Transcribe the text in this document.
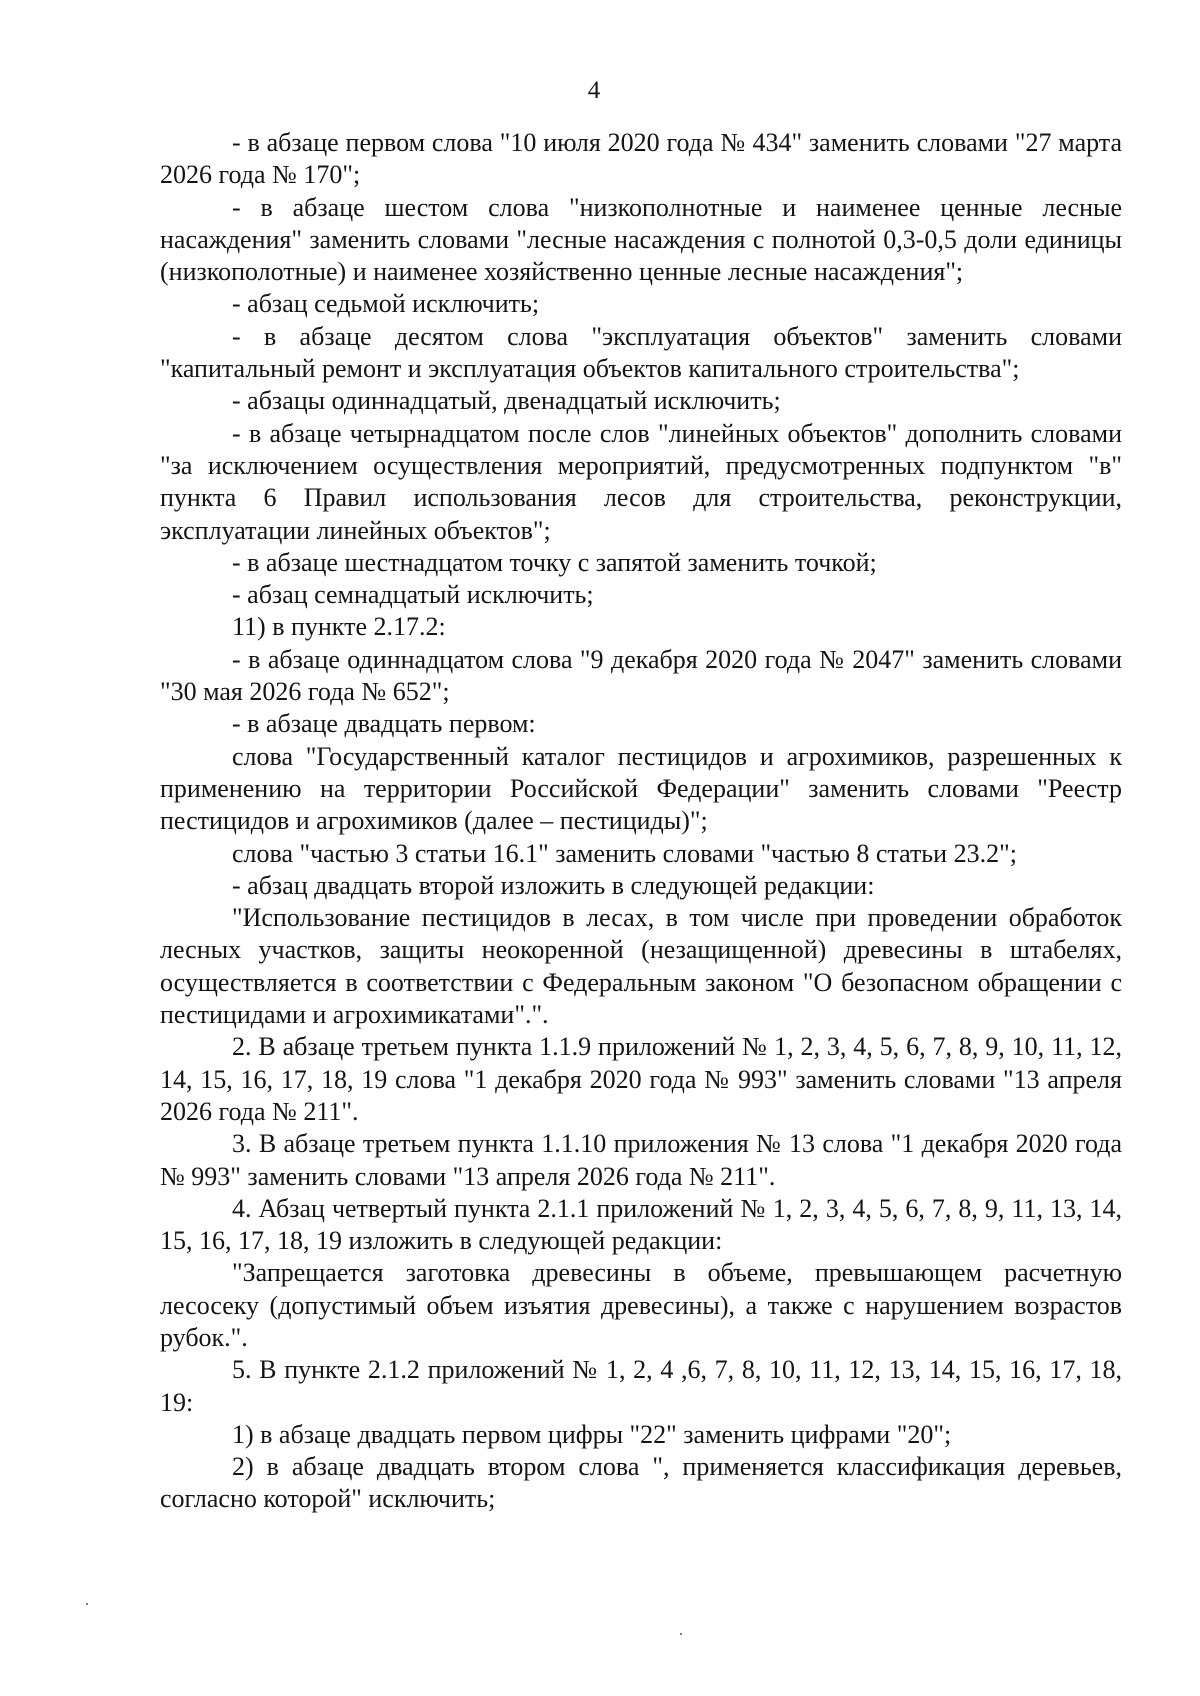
4

- в абзаце первом слова "10 июля 2020 года № 434" заменить словами "27 марта 2026 года № 170";

- в абзаце шестом слова "низкополнотные и наименее ценные лесные насаждения" заменить словами "лесные насаждения с полнотой 0,3-0,5 доли единицы (низкополотные) и наименее хозяйственно ценные лесные насаждения";

- абзац седьмой исключить;

- в абзаце десятом слова "эксплуатация объектов" заменить словами "капитальный ремонт и эксплуатация объектов капитального строительства";

- абзацы одиннадцатый, двенадцатый исключить;

- в абзаце четырнадцатом после слов "линейных объектов" дополнить словами "за исключением осуществления мероприятий, предусмотренных подпунктом "в" пункта 6 Правил использования лесов для строительства, реконструкции, эксплуатации линейных объектов";

- в абзаце шестнадцатом точку с запятой заменить точкой;

- абзац семнадцатый исключить;

11) в пункте 2.17.2:

- в абзаце одиннадцатом слова "9 декабря 2020 года № 2047" заменить словами "30 мая 2026 года № 652";

- в абзаце двадцать первом:

слова "Государственный каталог пестицидов и агрохимиков, разрешенных к применению на территории Российской Федерации" заменить словами "Реестр пестицидов и агрохимиков (далее – пестициды)";

слова "частью 3 статьи 16.1" заменить словами "частью 8 статьи 23.2";

- абзац двадцать второй изложить в следующей редакции:

"Использование пестицидов в лесах, в том числе при проведении обработок лесных участков, защиты неокоренной (незащищенной) древесины в штабелях, осуществляется в соответствии с Федеральным законом "О безопасном обращении с пестицидами и агрохимикатами".".

2. В абзаце третьем пункта 1.1.9 приложений № 1, 2, 3, 4, 5, 6, 7, 8, 9, 10, 11, 12, 14, 15, 16, 17, 18, 19 слова "1 декабря 2020 года № 993" заменить словами "13 апреля 2026 года № 211".

3. В абзаце третьем пункта 1.1.10 приложения № 13 слова "1 декабря 2020 года № 993" заменить словами "13 апреля 2026 года № 211".

4. Абзац четвертый пункта 2.1.1 приложений № 1, 2, 3, 4, 5, 6, 7, 8, 9, 11, 13, 14, 15, 16, 17, 18, 19 изложить в следующей редакции:

"Запрещается заготовка древесины в объеме, превышающем расчетную лесосеку (допустимый объем изъятия древесины), а также с нарушением возрастов рубок.".

5. В пункте 2.1.2 приложений № 1, 2, 4 ,6, 7, 8, 10, 11, 12, 13, 14, 15, 16, 17, 18, 19:

1) в абзаце двадцать первом цифры "22" заменить цифрами "20";

2) в абзаце двадцать втором слова ", применяется классификация деревьев, согласно которой" исключить;
